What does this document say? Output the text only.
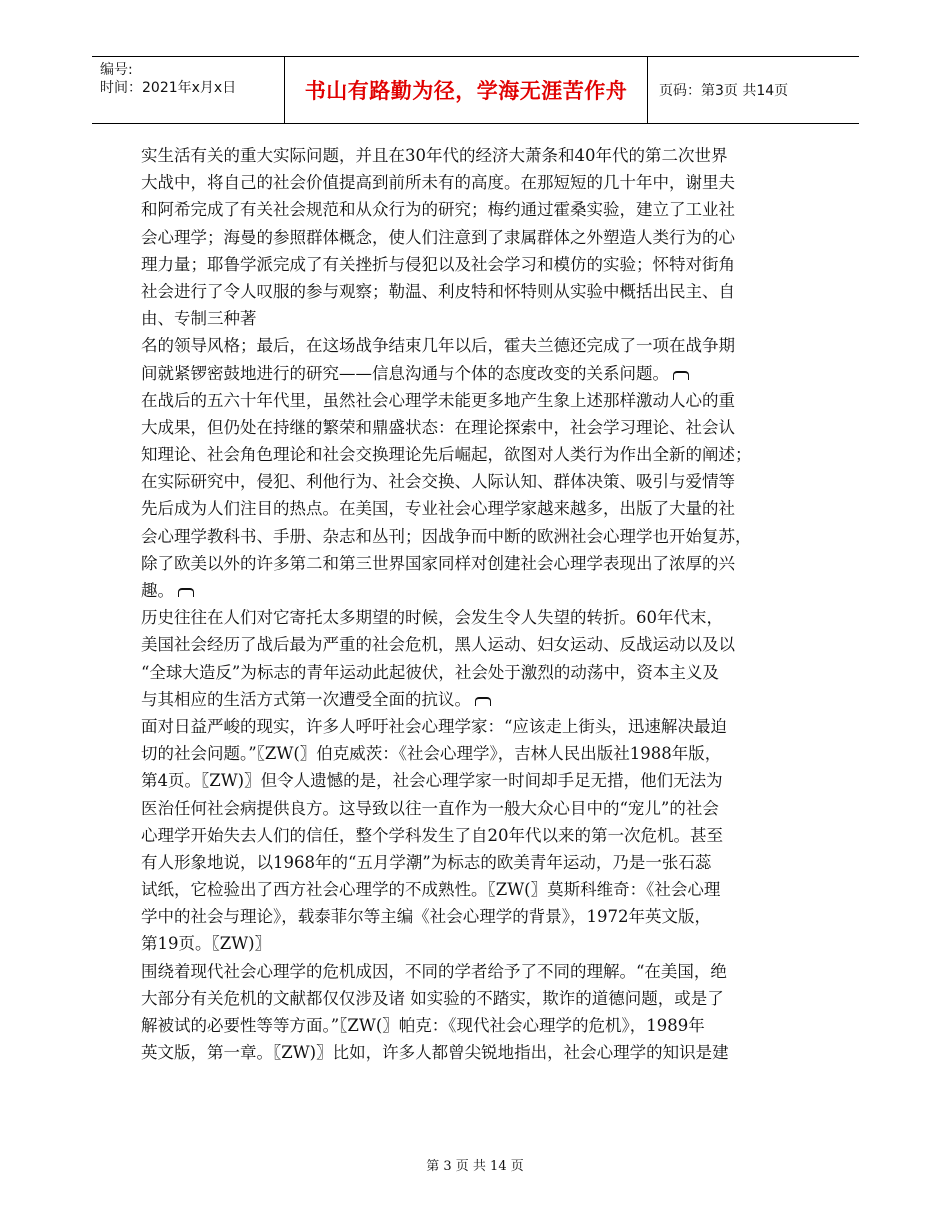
编号:
时间：2021年x月x日	书山有路勤为径，学海无涯苦作舟	页码：第3页 共14页
实生活有关的重大实际问题，并且在30年代的经济大萧条和40年代的第二次世界
大战中，将自己的社会价值提高到前所未有的高度。在那短短的几十年中，谢里夫
和阿希完成了有关社会规范和从众行为的研究；梅约通过霍桑实验，建立了工业社
会心理学；海曼的参照群体概念，使人们注意到了隶属群体之外塑造人类行为的心
理力量；耶鲁学派完成了有关挫折与侵犯以及社会学习和模仿的实验；怀特对街角
社会进行了令人叹服的参与观察；勒温、利皮特和怀特则从实验中概括出民主、自
由、专制三种著
名的领导风格；最后，在这场战争结束几年以后，霍夫兰德还完成了一项在战争期
间就紧锣密鼓地进行的研究——信息沟通与个体的态度改变的关系问题。
在战后的五六十年代里，虽然社会心理学未能更多地产生象上述那样激动人心的重
大成果，但仍处在持继的繁荣和鼎盛状态：在理论探索中，社会学习理论、社会认
知理论、社会角色理论和社会交换理论先后崛起，欲图对人类行为作出全新的阐述；
在实际研究中，侵犯、利他行为、社会交换、人际认知、群体决策、吸引与爱情等
先后成为人们注目的热点。在美国，专业社会心理学家越来越多，出版了大量的社
会心理学教科书、手册、杂志和丛刊；因战争而中断的欧洲社会心理学也开始复苏，
除了欧美以外的许多第二和第三世界国家同样对创建社会心理学表现出了浓厚的兴
趣。
历史往往在人们对它寄托太多期望的时候，会发生令人失望的转折。60年代末，
美国社会经历了战后最为严重的社会危机，黑人运动、妇女运动、反战运动以及以
“全球大造反”为标志的青年运动此起彼伏，社会处于激烈的动荡中，资本主义及
与其相应的生活方式第一次遭受全面的抗议。
面对日益严峻的现实，许多人呼吁社会心理学家：“应该走上街头，迅速解决最迫
切的社会问题。”〖ZW(〗伯克威茨：《社会心理学》，吉林人民出版社1988年版，
第4页。〖ZW)〗但令人遗憾的是，社会心理学家一时间却手足无措，他们无法为
医治任何社会病提供良方。这导致以往一直作为一般大众心目中的“宠儿”的社会
心理学开始失去人们的信任，整个学科发生了自20年代以来的第一次危机。甚至
有人形象地说，以1968年的“五月学潮”为标志的欧美青年运动，乃是一张石蕊
试纸，它检验出了西方社会心理学的不成熟性。〖ZW(〗莫斯科维奇：《社会心理
学中的社会与理论》，载泰菲尔等主编《社会心理学的背景》，1972年英文版，
第19页。〖ZW)〗
围绕着现代社会心理学的危机成因，不同的学者给予了不同的理解。“在美国，绝
大部分有关危机的文献都仅仅涉及诸 如实验的不踏实，欺诈的道德问题，或是了
解被试的必要性等等方面。”〖ZW(〗帕克：《现代社会心理学的危机》，1989年
英文版，第一章。〖ZW)〗比如，许多人都曾尖锐地指出，社会心理学的知识是建
第 3 页 共 14 页
